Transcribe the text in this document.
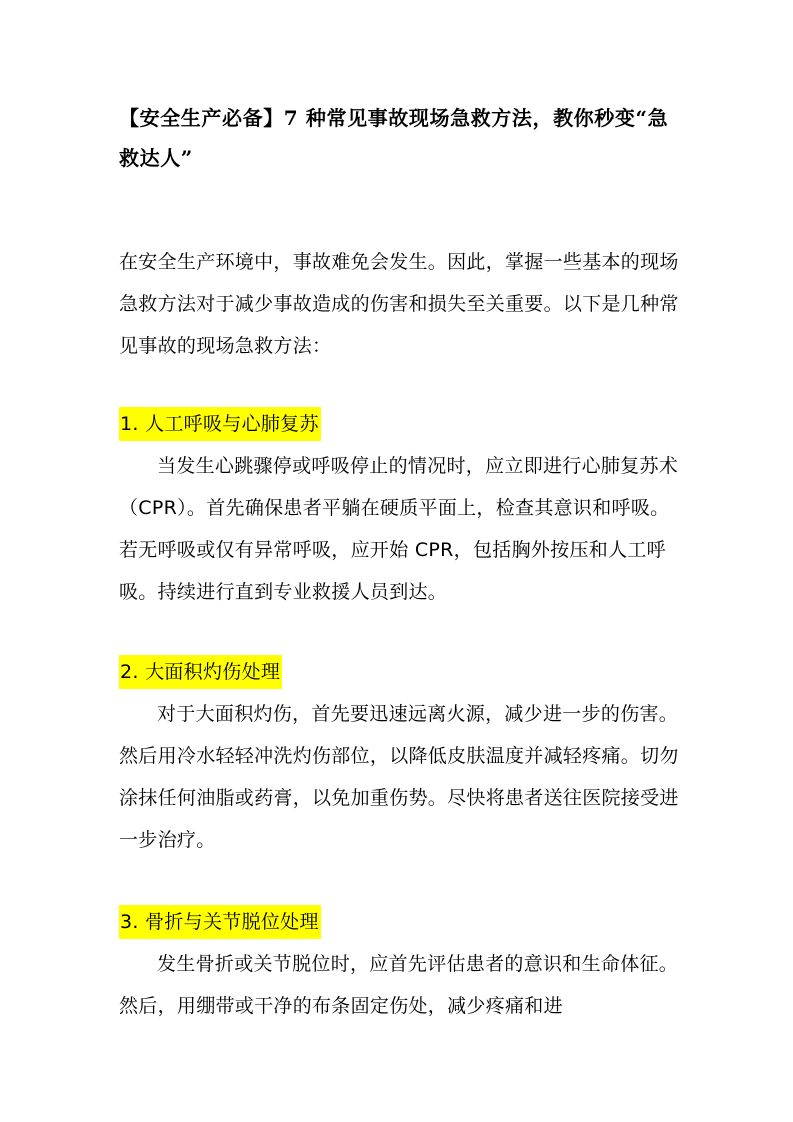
【安全生产必备】7 种常见事故现场急救方法，教你秒变“急救达人”

在安全生产环境中，事故难免会发生。因此，掌握一些基本的现场急救方法对于减少事故造成的伤害和损失至关重要。以下是几种常见事故的现场急救方法：

1. 人工呼吸与心肺复苏

当发生心跳骤停或呼吸停止的情况时，应立即进行心肺复苏术（CPR）。首先确保患者平躺在硬质平面上，检查其意识和呼吸。若无呼吸或仅有异常呼吸，应开始 CPR，包括胸外按压和人工呼吸。持续进行直到专业救援人员到达。

2. 大面积灼伤处理

对于大面积灼伤，首先要迅速远离火源，减少进一步的伤害。然后用冷水轻轻冲洗灼伤部位，以降低皮肤温度并减轻疼痛。切勿涂抹任何油脂或药膏，以免加重伤势。尽快将患者送往医院接受进一步治疗。

3. 骨折与关节脱位处理

发生骨折或关节脱位时，应首先评估患者的意识和生命体征。然后，用绷带或干净的布条固定伤处，减少疼痛和进
